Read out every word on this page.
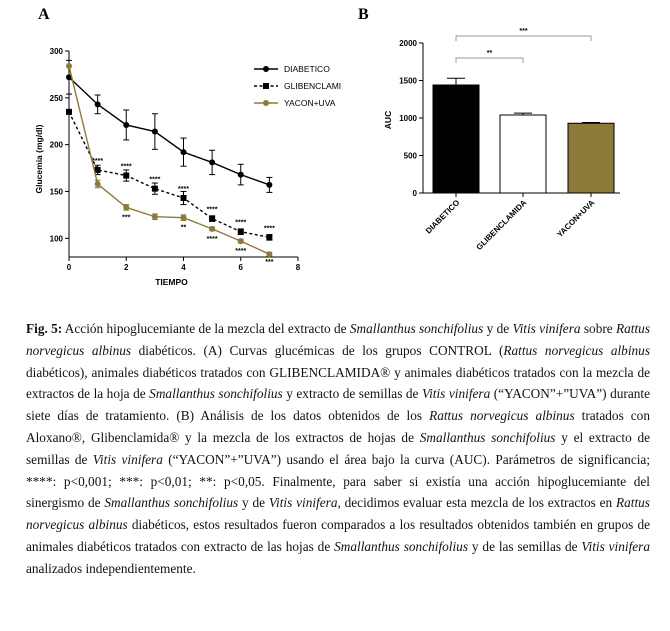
A	B
100
150
200
250
300
0	2	4	6	8
TIEMPO
Glucemia (mg/dl)	****
****
****
****
****
****
****
***
**
****
****
***
DIABETICO
GLIBENCLAMI
YACON+UVA
0
500
1000
1500
2000
AUC
DIABETICO GLIBENCLAMIDA	YACON+UVA
**
***

Fig. 5: Acción hipoglucemiante de la mezcla del extracto de Smallanthus sonchifolius y de Vitis vinifera sobre Rattus norvegicus albinus diabéticos. (A) Curvas glucémicas de los grupos CONTROL (Rattus norvegicus albinus diabéticos), animales diabéticos tratados con GLIBENCLAMIDA® y animales diabéticos tratados con la mezcla de extractos de la hoja de Smallanthus sonchifolius y extracto de semillas de Vitis vinifera (“YACON”+”UVA”) durante siete días de tratamiento. (B) Análisis de los datos obtenidos de los Rattus norvegicus albinus tratados con Aloxano®, Glibenclamida® y la mezcla de los extractos de hojas de Smallanthus sonchifolius y el extracto de semillas de Vitis vinifera (“YACON”+”UVA”) usando el área bajo la curva (AUC). Parámetros de significancia; ****: p<0,001; ***: p<0,01; **: p<0,05. Finalmente, para saber si existía una acción hipoglucemiante del sinergismo de Smallanthus sonchifolius y de Vitis vinifera, decidimos evaluar esta mezcla de los extractos en Rattus norvegicus albinus diabéticos, estos resultados fueron comparados a los resultados obtenidos también en grupos de animales diabéticos tratados con extracto de las hojas de Smallanthus sonchifolius y de las semillas de Vitis vinifera analizados independientemente.
